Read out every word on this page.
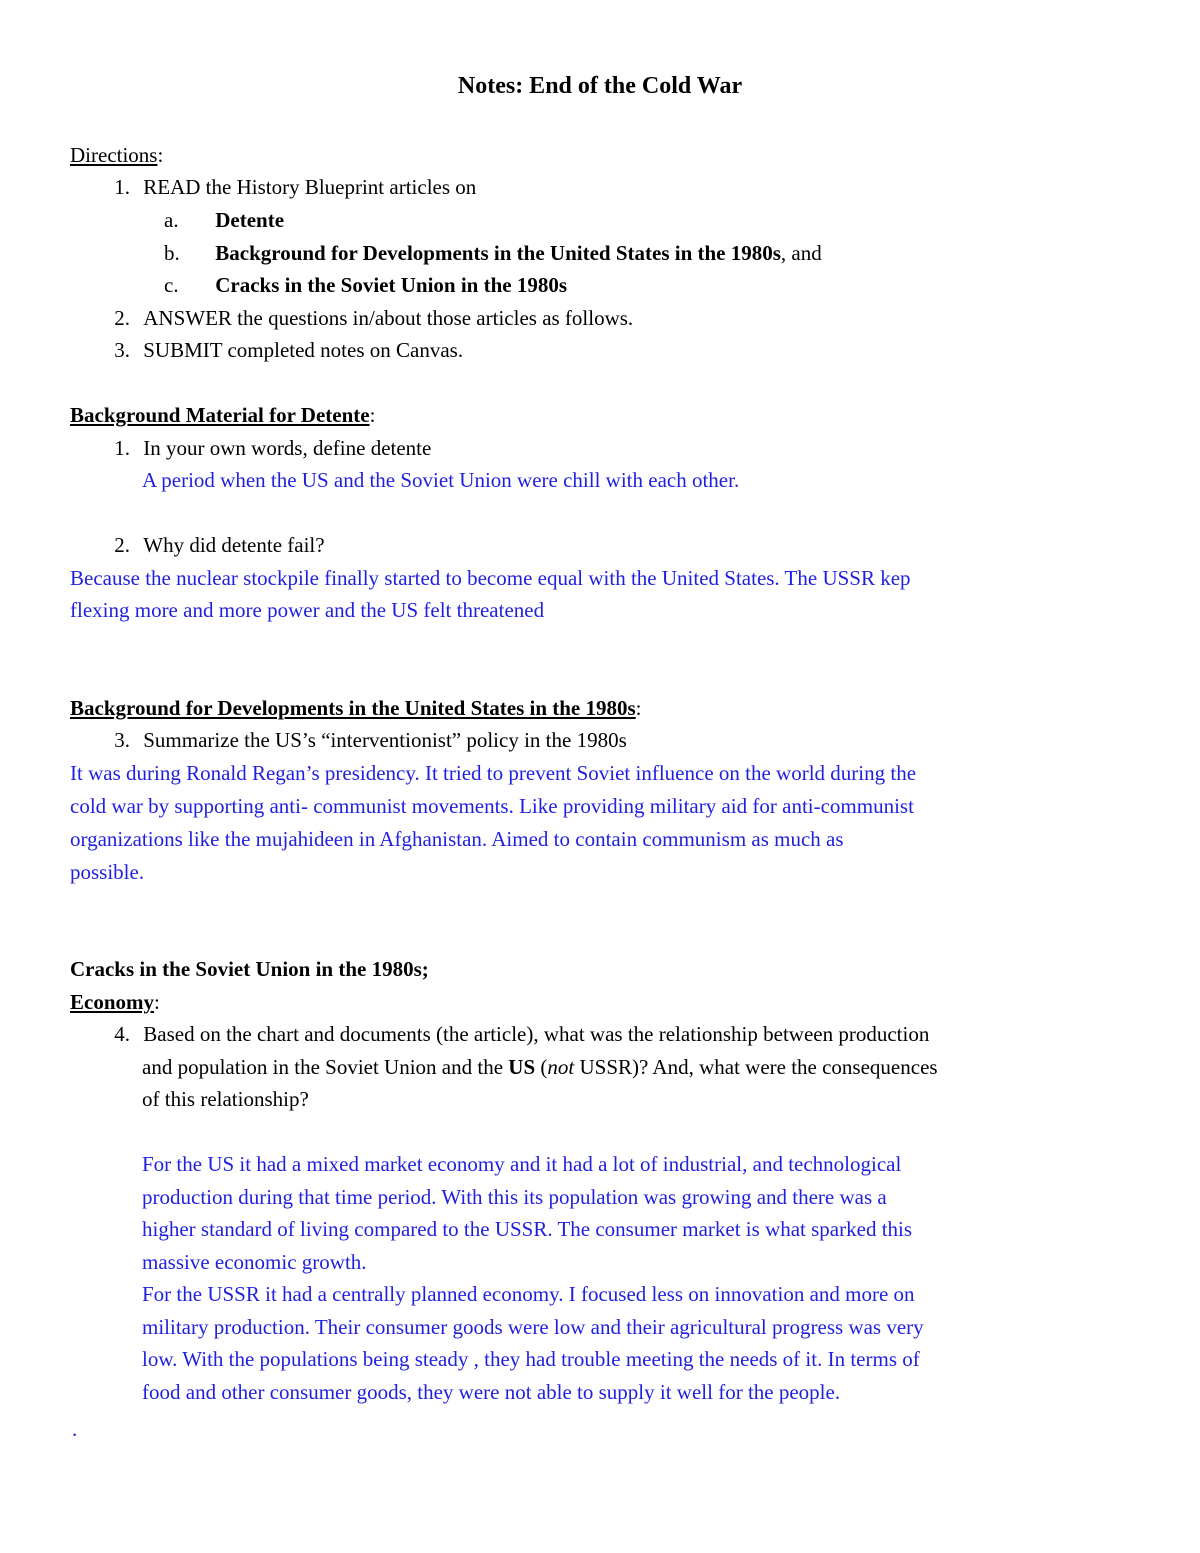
Notes: End of the Cold War
Directions:
1. READ the History Blueprint articles on
a. Detente
b. Background for Developments in the United States in the 1980s, and
c. Cracks in the Soviet Union in the 1980s
2. ANSWER the questions in/about those articles as follows.
3. SUBMIT completed notes on Canvas.
Background Material for Detente:
1. In your own words, define detente
A period when the US and the Soviet Union were chill with each other.
2. Why did detente fail?
Because the nuclear stockpile finally started to become equal with the United States. The USSR kep
flexing more and more power and the US felt threatened
Background for Developments in the United States in the 1980s:
3. Summarize the US’s “interventionist” policy in the 1980s
It was during Ronald Regan’s presidency. It tried to prevent Soviet influence on the world during the
cold war by supporting anti- communist movements. Like providing military aid for anti-communist
organizations like the mujahideen in Afghanistan. Aimed to contain communism as much as
possible.
Cracks in the Soviet Union in the 1980s;
Economy:
4. Based on the chart and documents (the article), what was the relationship between production
and population in the Soviet Union and the US (not USSR)? And, what were the consequences
of this relationship?
For the US it had a mixed market economy and it had a lot of industrial, and technological
production during that time period. With this its population was growing and there was a
higher standard of living compared to the USSR. The consumer market is what sparked this
massive economic growth.
For the USSR it had a centrally planned economy. I focused less on innovation and more on
military production. Their consumer goods were low and their agricultural progress was very
low. With the populations being steady , they had trouble meeting the needs of it. In terms of
food and other consumer goods, they were not able to supply it well for the people.
.
